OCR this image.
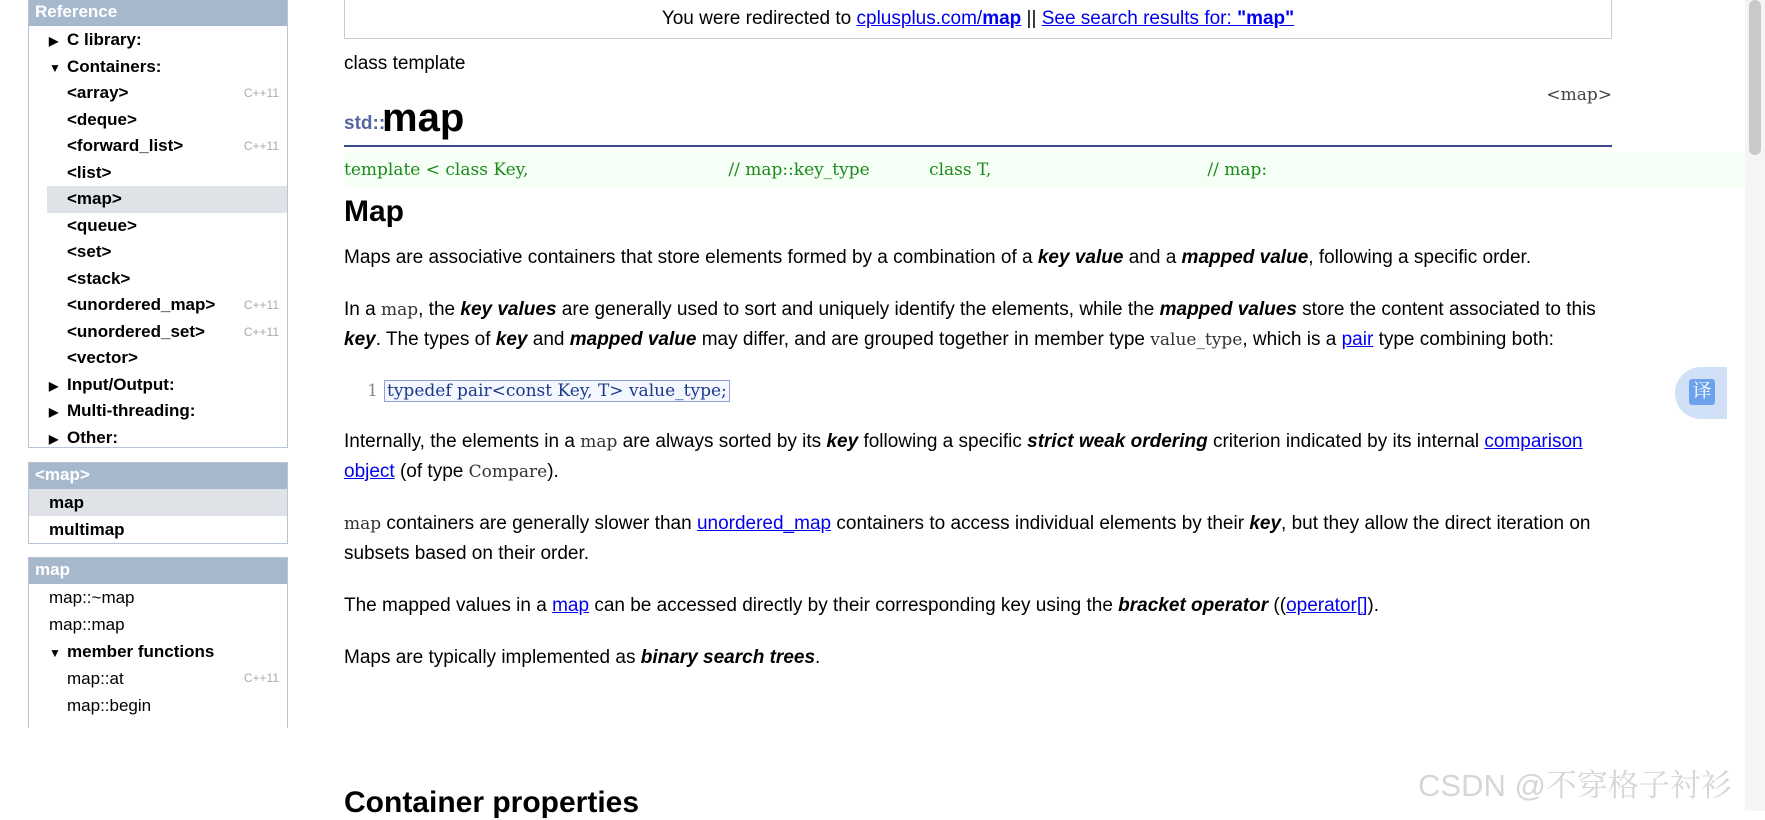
Reference
▶ C library:
▼ Containers:
<array>	C++11
<deque>
<forward_list>	C++11
<list>
<map>
<queue>
<set>
<stack>
<unordered_map> C++11
<unordered_set>	C++11
<vector>
▶ Input/Output:
▶ Multi-threading:
▶ Other:
<map>
map
multimap
map
map::~map
map::map
▼ member functions
map::at	C++11
map::begin
You were redirected to cplusplus.com/map || See search results for: "map"
class template
std::
map
<map>
template < class Key,                                     // map::key_type           class T,                                        // map:
Map

Maps are associative containers that store elements formed by a combination of a key value and a mapped value, following a specific order.

In a map, the key values are generally used to sort and uniquely identify the elements, while the mapped values store the content associated to this key. The types of key and mapped value may differ, and are grouped together in member type value_type, which is a pair type combining both:

1 typedef pair<const Key, T> value_type;

Internally, the elements in a map are always sorted by its key following a specific strict weak ordering criterion indicated by its internal comparison object (of type Compare).

map containers are generally slower than unordered_map containers to access individual elements by their key, but they allow the direct iteration on subsets based on their order.

The mapped values in a map can be accessed directly by their corresponding key using the bracket operator ((operator[]).

Maps are typically implemented as binary search trees.

Container properties
译
CSDN @不穿格子衬衫
